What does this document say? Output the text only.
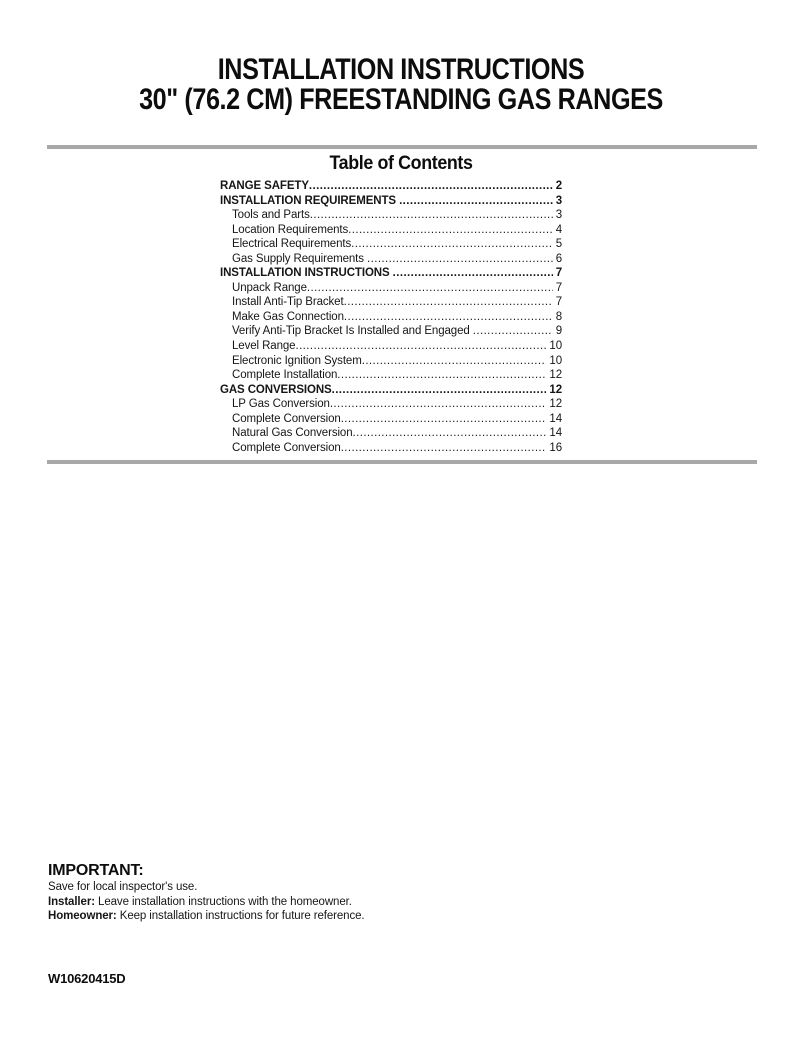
INSTALLATION INSTRUCTIONS
30" (76.2 CM) FREESTANDING GAS RANGES
Table of Contents
RANGE SAFETY .....	2
INSTALLATION REQUIREMENTS .....	3
Tools and Parts .....	3
Location Requirements .....	4
Electrical Requirements .....	5
Gas Supply Requirements .....	6
INSTALLATION INSTRUCTIONS .....	7
Unpack Range .....	7
Install Anti-Tip Bracket .....	7
Make Gas Connection .....	8
Verify Anti-Tip Bracket Is Installed and Engaged .....	9
Level Range .....	10
Electronic Ignition System .....	10
Complete Installation .....	12
GAS CONVERSIONS .....	12
LP Gas Conversion .....	12
Complete Conversion .....	14
Natural Gas Conversion .....	14
Complete Conversion .....	16
IMPORTANT:
Save for local inspector's use.
Installer: Leave installation instructions with the homeowner.
Homeowner: Keep installation instructions for future reference.
W10620415D
